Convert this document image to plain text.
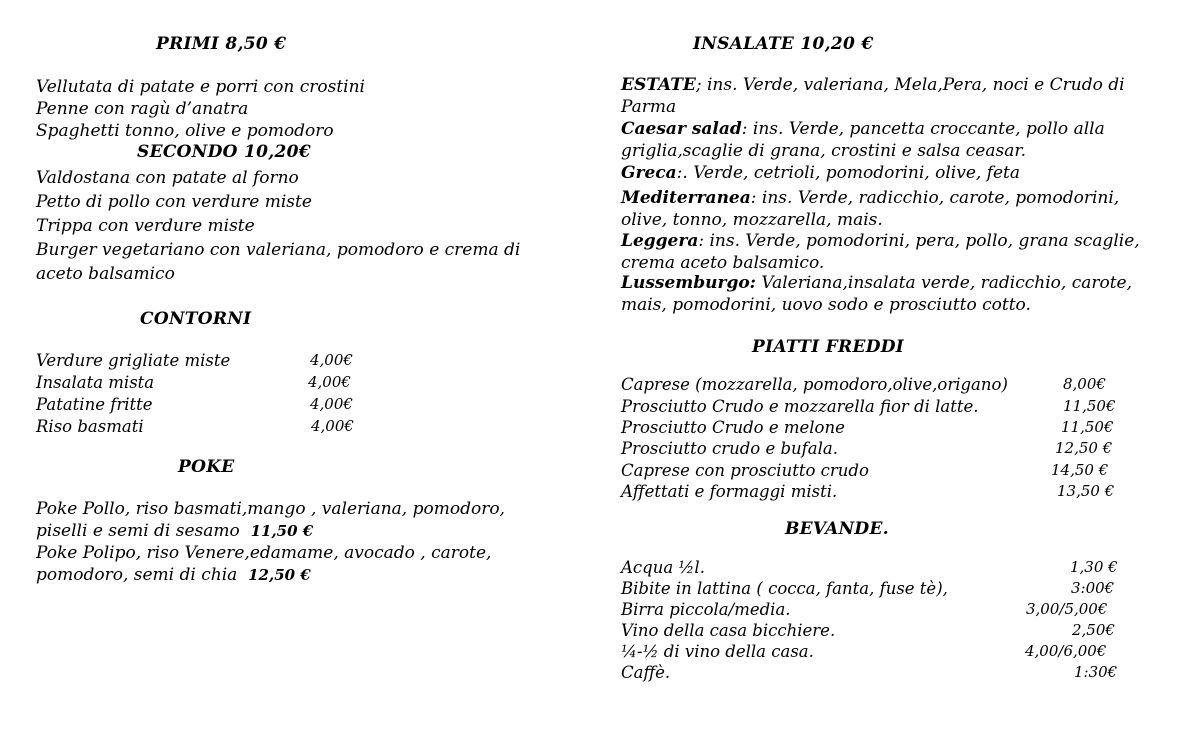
PRIMI 8,50 €
Vellutata di patate e porri con crostini
Penne con ragù d’anatra
Spaghetti tonno, olive e pomodoro
SECONDO 10,20€
Valdostana con patate al forno
Petto di pollo con verdure miste
Trippa con verdure miste
Burger vegetariano con valeriana, pomodoro e crema di
aceto balsamico
CONTORNI
Verdure grigliate miste	4,00€
Insalata mista	4,00€
Patatine fritte	4,00€
Riso basmati	4,00€
POKE
Poke Pollo, riso basmati,mango , valeriana, pomodoro,
piselli e semi di sesamo 11,50 €
Poke Polipo, riso Venere,edamame, avocado , carote,
pomodoro, semi di chia 12,50 €
INSALATE 10,20 €
ESTATE; ins. Verde, valeriana, Mela,Pera, noci e Crudo di Parma
Caesar salad: ins. Verde, pancetta croccante, pollo alla griglia,scaglie di grana, crostini e salsa ceasar.
Greca:. Verde, cetrioli, pomodorini, olive, feta
Mediterranea: ins. Verde, radicchio, carote, pomodorini, olive, tonno, mozzarella, mais.
Leggera: ins. Verde, pomodorini, pera, pollo, grana scaglie, crema aceto balsamico.
Lussemburgo: Valeriana,insalata verde, radicchio, carote, mais, pomodorini, uovo sodo e prosciutto cotto.
PIATTI FREDDI
Caprese (mozzarella, pomodoro,olive,origano)	8,00€
Prosciutto Crudo e mozzarella fior di latte.	11,50€
Prosciutto Crudo e melone	11,50€
Prosciutto crudo e bufala.	12,50 €
Caprese con prosciutto crudo	14,50 €
Affettati e formaggi misti.	13,50 €
BEVANDE.
Acqua ½l.	1,30 €
Bibite in lattina ( cocca, fanta, fuse tè),	3:00€
Birra piccola/media.	3,00/5,00€
Vino della casa bicchiere.	2,50€
¼-½ di vino della casa.	4,00/6,00€
Caffè.	1:30€
